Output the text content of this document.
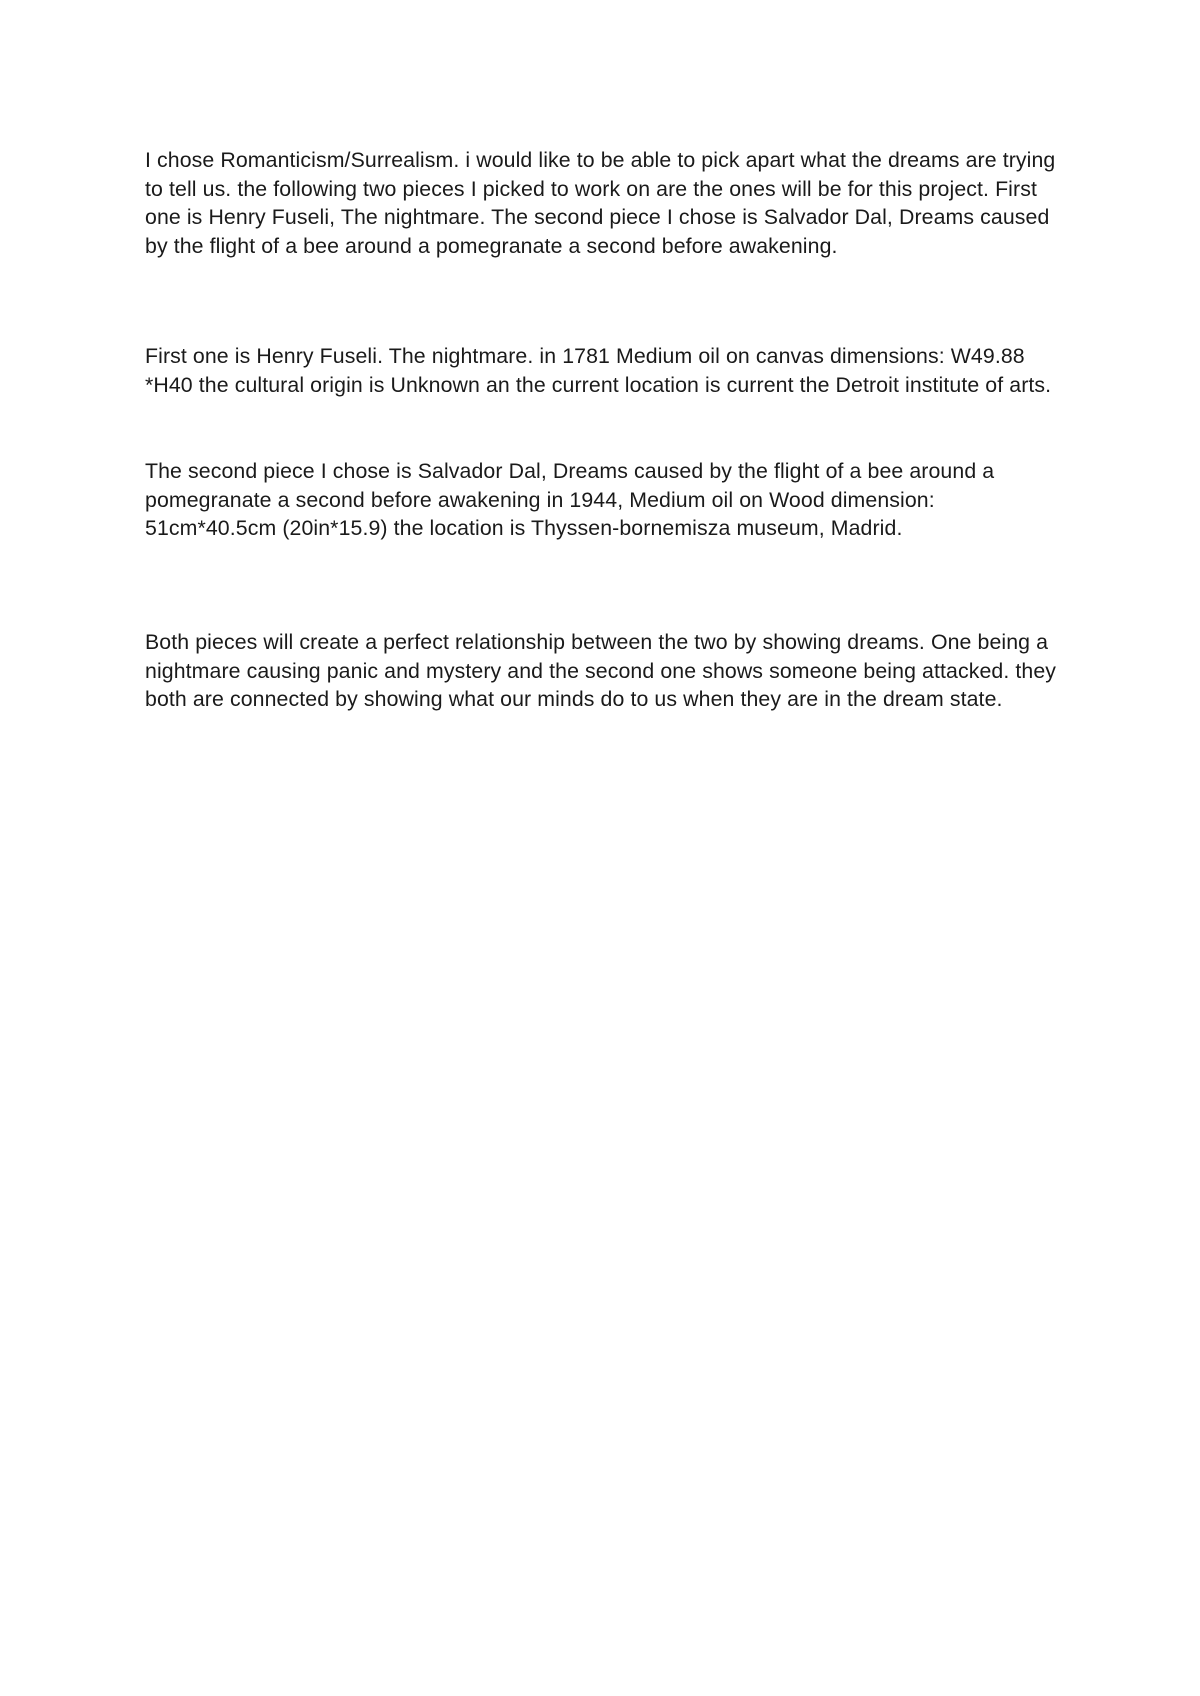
I chose Romanticism/Surrealism. i would like to be able to pick apart what the dreams are trying to tell us. the following two pieces I picked to work on are the ones will be for this project. First one is Henry Fuseli, The nightmare. The second piece I chose is Salvador Dal, Dreams caused by the flight of a bee around a pomegranate a second before awakening.

First one is Henry Fuseli. The nightmare. in 1781 Medium oil on canvas dimensions: W49.88 *H40 the cultural origin is Unknown an the current location is current the Detroit institute of arts.

The second piece I chose is Salvador Dal, Dreams caused by the flight of a bee around a pomegranate a second before awakening in 1944, Medium oil on Wood dimension: 51cm*40.5cm (20in*15.9) the location is Thyssen-bornemisza museum, Madrid.

Both pieces will create a perfect relationship between the two by showing dreams. One being a nightmare causing panic and mystery and the second one shows someone being attacked. they both are connected by showing what our minds do to us when they are in the dream state.
